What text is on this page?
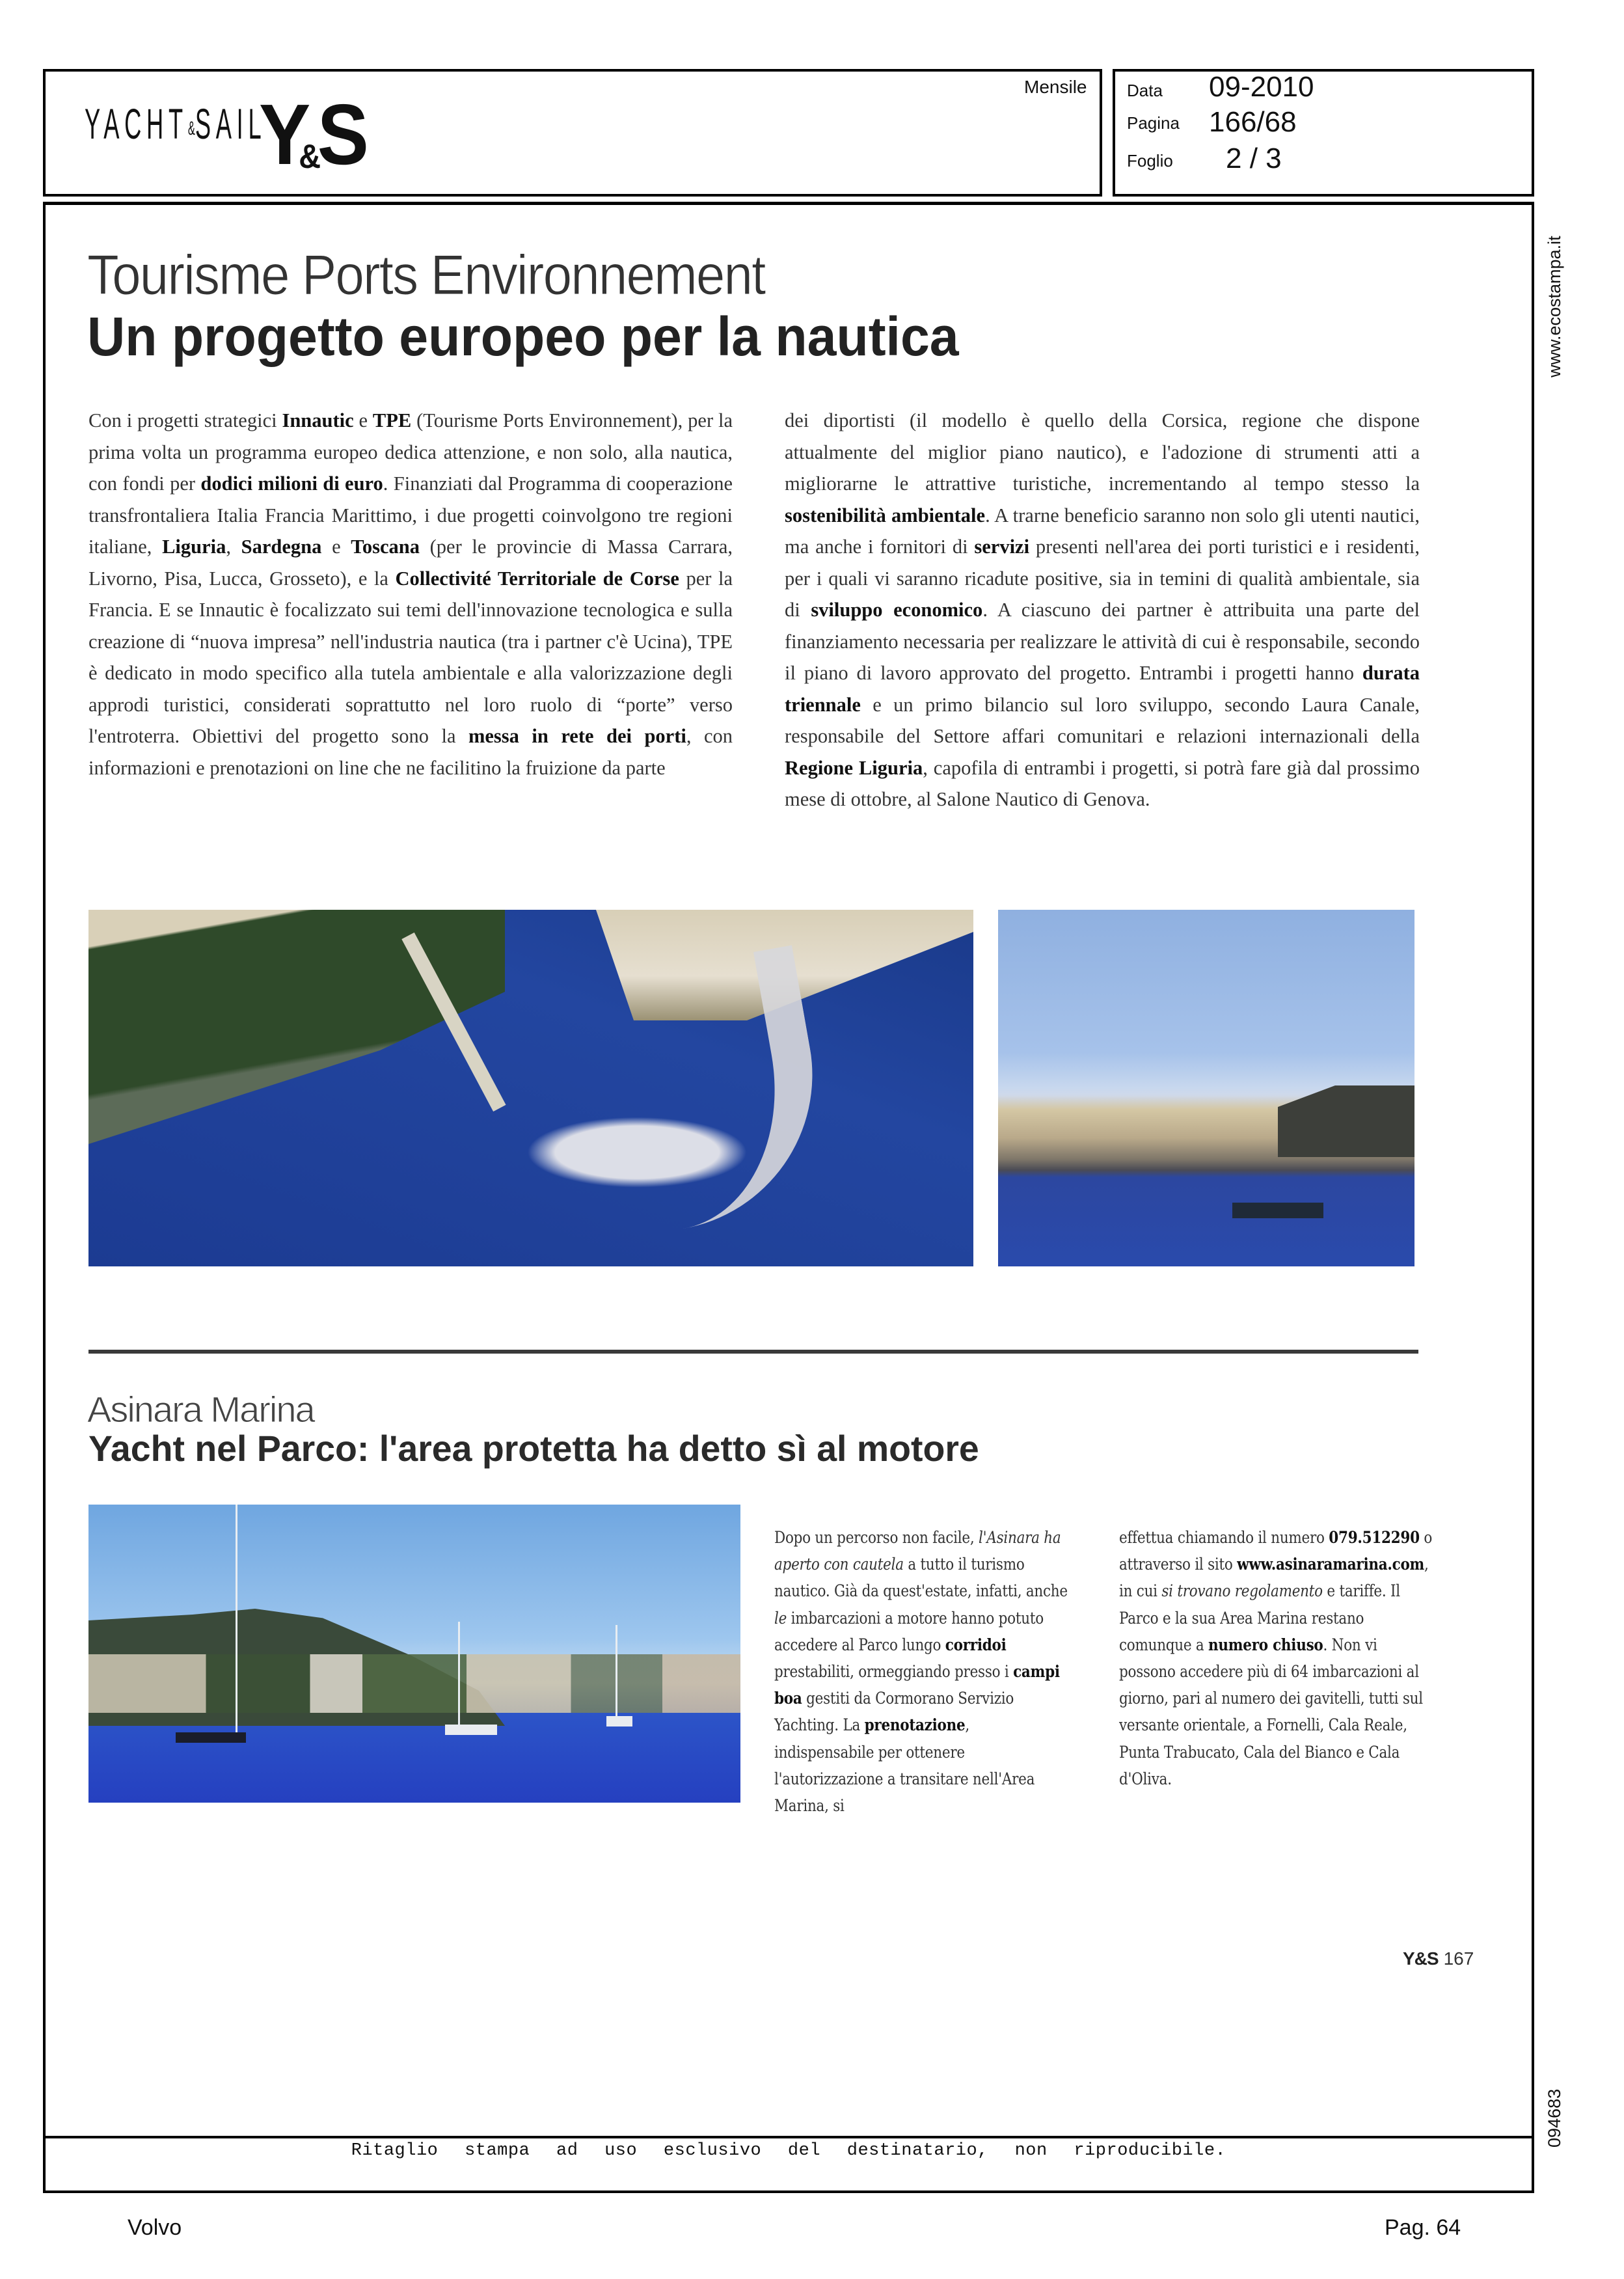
YACHT&SAIL
Y&S	Mensile Data 09-2010
Pagina 166/68
Foglio 2 / 3
www.ecostampa.it
Tourisme Ports Environnement
Un progetto europeo per la nautica
Con i progetti strategici Innautic e TPE (Tourisme Ports Environnement), per la prima volta un programma europeo dedica attenzione, e non solo, alla nautica, con fondi per dodici milioni di euro. Finanziati dal Programma di cooperazione transfrontaliera Italia Francia Marittimo, i due progetti coinvolgono tre regioni italiane, Liguria, Sardegna e Toscana (per le provincie di Massa Carrara, Livorno, Pisa, Lucca, Grosseto), e la Collectivité Territoriale de Corse per la Francia. E se Innautic è focalizzato sui temi dell'innovazione tecnologica e sulla creazione di “nuova impresa” nell'industria nautica (tra i partner c'è Ucina), TPE è dedicato in modo specifico alla tutela ambientale e alla valorizzazione degli approdi turistici, considerati soprattutto nel loro ruolo di “porte” verso l'entroterra. Obiettivi del progetto sono la messa in rete dei porti, con informazioni e prenotazioni on line che ne facilitino la fruizione da parte
dei diportisti (il modello è quello della Corsica, regione che dispone attualmente del miglior piano nautico), e l'adozione di strumenti atti a migliorarne le attrattive turistiche, incrementando al tempo stesso la sostenibilità ambientale. A trarne beneficio saranno non solo gli utenti nautici, ma anche i fornitori di servizi presenti nell'area dei porti turistici e i residenti, per i quali vi saranno ricadute positive, sia in temini di qualità ambientale, sia di sviluppo economico. A ciascuno dei partner è attribuita una parte del finanziamento necessaria per realizzare le attività di cui è responsabile, secondo il piano di lavoro approvato del progetto. Entrambi i progetti hanno durata triennale e un primo bilancio sul loro sviluppo, secondo Laura Canale, responsabile del Settore affari comunitari e relazioni internazionali della Regione Liguria, capofila di entrambi i progetti, si potrà fare già dal prossimo mese di ottobre, al Salone Nautico di Genova.
Asinara Marina
Yacht nel Parco: l'area protetta ha detto sì al motore
Dopo un percorso non facile, l'Asinara ha aperto con cautela a tutto il turismo nautico. Già da quest'estate, infatti, anche le imbarcazioni a motore hanno potuto accedere al Parco lungo corridoi prestabiliti, ormeggiando presso i campi boa gestiti da Cormorano Servizio Yachting. La prenotazione, indispensabile per ottenere l'autorizzazione a transitare nell'Area Marina, si
effettua chiamando il numero 079.512290 o attraverso il sito www.asinaramarina.com, in cui si trovano regolamento e tariffe. Il Parco e la sua Area Marina restano comunque a numero chiuso. Non vi possono accedere più di 64 imbarcazioni al giorno, pari al numero dei gavitelli, tutti sul versante orientale, a Fornelli, Cala Reale, Punta Trabucato, Cala del Bianco e Cala d'Oliva.
Y&S 167
094683
Ritaglio stampa ad uso esclusivo del destinatario, non riproducibile.
Volvo	Pag. 64
